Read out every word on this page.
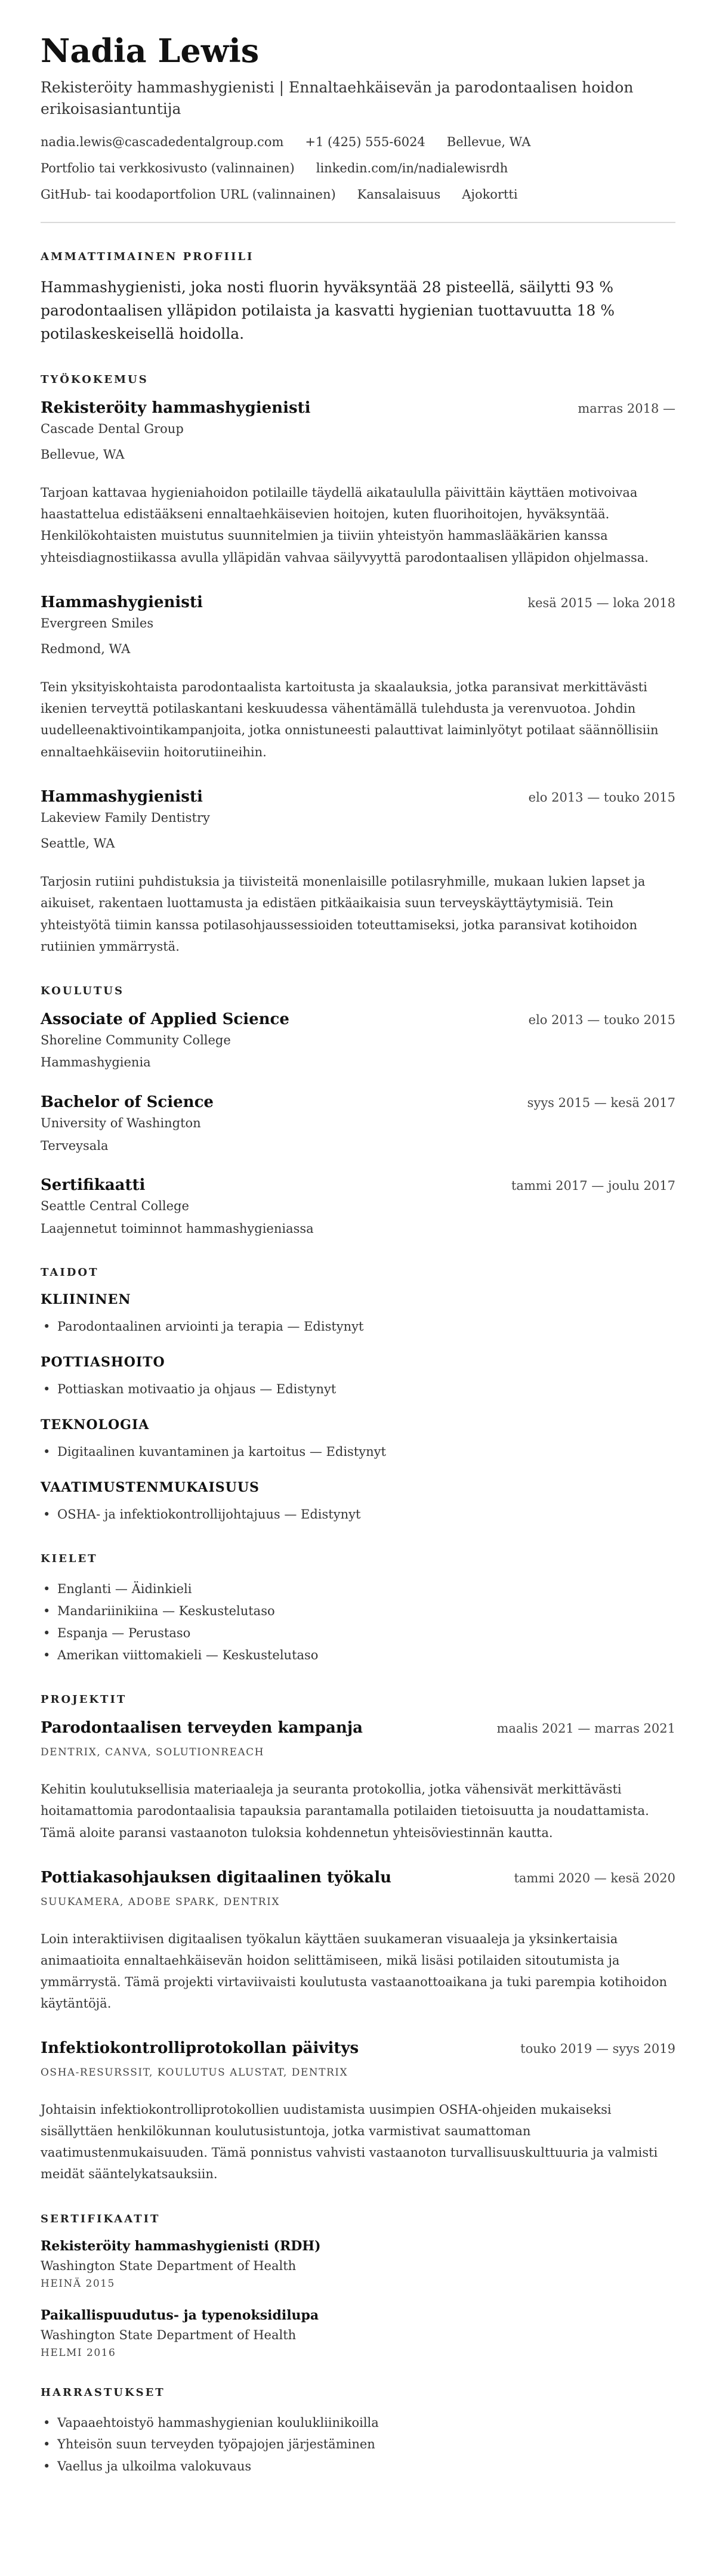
Nadia Lewis
Rekisteröity hammashygienisti | Ennaltaehkäisevän ja parodontaalisen hoidon erikoisasiantuntija
nadia.lewis@cascadedentalgroup.com +1 (425) 555-6024 Bellevue, WA
Portfolio tai verkkosivusto (valinnainen) linkedin.com/in/nadialewisrdh
GitHub- tai koodaportfolion URL (valinnainen) Kansalaisuus Ajokortti
AMMATTIMAINEN PROFIILI

Hammashygienisti, joka nosti fluorin hyväksyntää 28 pisteellä, säilytti 93 % parodontaalisen ylläpidon potilaista ja kasvatti hygienian tuottavuutta 18 % potilaskeskeisellä hoidolla.

TYÖKOKEMUS
Rekisteröity hammashygienisti	marras 2018 —
Cascade Dental Group
Bellevue, WA

Tarjoan kattavaa hygieniahoidon potilaille täydellä aikataululla päivittäin käyttäen motivoivaa haastattelua edistääkseni ennaltaehkäisevien hoitojen, kuten fluorihoitojen, hyväksyntää. Henkilökohtaisten muistutus suunnitelmien ja tiiviin yhteistyön hammaslääkärien kanssa yhteisdiagnostiikassa avulla ylläpidän vahvaa säilyvyyttä parodontaalisen ylläpidon ohjelmassa.

Hammashygienisti	kesä 2015 — loka 2018
Evergreen Smiles
Redmond, WA

Tein yksityiskohtaista parodontaalista kartoitusta ja skaalauksia, jotka paransivat merkittävästi ikenien terveyttä potilaskantani keskuudessa vähentämällä tulehdusta ja verenvuotoa. Johdin uudelleenaktivointikampanjoita, jotka onnistuneesti palauttivat laiminlyötyt potilaat säännöllisiin ennaltaehkäiseviin hoitorutiineihin.

Hammashygienisti	elo 2013 — touko 2015
Lakeview Family Dentistry
Seattle, WA

Tarjosin rutiini puhdistuksia ja tiivisteitä monenlaisille potilasryhmille, mukaan lukien lapset ja aikuiset, rakentaen luottamusta ja edistäen pitkäaikaisia suun terveyskäyttäytymisiä. Tein yhteistyötä tiimin kanssa potilasohjaussessioiden toteuttamiseksi, jotka paransivat kotihoidon rutiinien ymmärrystä.

KOULUTUS
Associate of Applied Science	elo 2013 — touko 2015
Shoreline Community College
Hammashygienia
Bachelor of Science	syys 2015 — kesä 2017
University of Washington
Terveysala
Sertifikaatti	tammi 2017 — joulu 2017
Seattle Central College
Laajennetut toiminnot hammashygieniassa
TAIDOT
KLIININEN
• Parodontaalinen arviointi ja terapia — Edistynyt
POTTIASHOITO
• Pottiaskan motivaatio ja ohjaus — Edistynyt
TEKNOLOGIA
• Digitaalinen kuvantaminen ja kartoitus — Edistynyt
VAATIMUSTENMUKAISUUS
• OSHA- ja infektiokontrollijohtajuus — Edistynyt
KIELET
• Englanti — Äidinkieli
• Mandariinikiina — Keskustelutaso
• Espanja — Perustaso
• Amerikan viittomakieli — Keskustelutaso
PROJEKTIT
Parodontaalisen terveyden kampanja	maalis 2021 — marras 2021
DENTRIX, CANVA, SOLUTIONREACH

Kehitin koulutuksellisia materiaaleja ja seuranta protokollia, jotka vähensivät merkittävästi hoitamattomia parodontaalisia tapauksia parantamalla potilaiden tietoisuutta ja noudattamista. Tämä aloite paransi vastaanoton tuloksia kohdennetun yhteisöviestinnän kautta.

Pottiakasohjauksen digitaalinen työkalu	tammi 2020 — kesä 2020
SUUKAMERA, ADOBE SPARK, DENTRIX

Loin interaktiivisen digitaalisen työkalun käyttäen suukameran visuaaleja ja yksinkertaisia animaatioita ennaltaehkäisevän hoidon selittämiseen, mikä lisäsi potilaiden sitoutumista ja ymmärrystä. Tämä projekti virtaviivaisti koulutusta vastaanottoaikana ja tuki parempia kotihoidon käytäntöjä.

Infektiokontrolliprotokollan päivitys	touko 2019 — syys 2019
OSHA-RESURSSIT, KOULUTUS ALUSTAT, DENTRIX

Johtaisin infektiokontrolliprotokollien uudistamista uusimpien OSHA-ohjeiden mukaiseksi sisällyttäen henkilökunnan koulutusistuntoja, jotka varmistivat saumattoman vaatimustenmukaisuuden. Tämä ponnistus vahvisti vastaanoton turvallisuuskulttuuria ja valmisti meidät sääntelykatsauksiin.

SERTIFIKAATIT
Rekisteröity hammashygienisti (RDH)
Washington State Department of Health
HEINÄ 2015
Paikallispuudutus- ja typenoksidilupa
Washington State Department of Health
HELMI 2016
HARRASTUKSET
• Vapaaehtoistyö hammashygienian koulukliinikoilla
• Yhteisön suun terveyden työpajojen järjestäminen
• Vaellus ja ulkoilma valokuvaus
